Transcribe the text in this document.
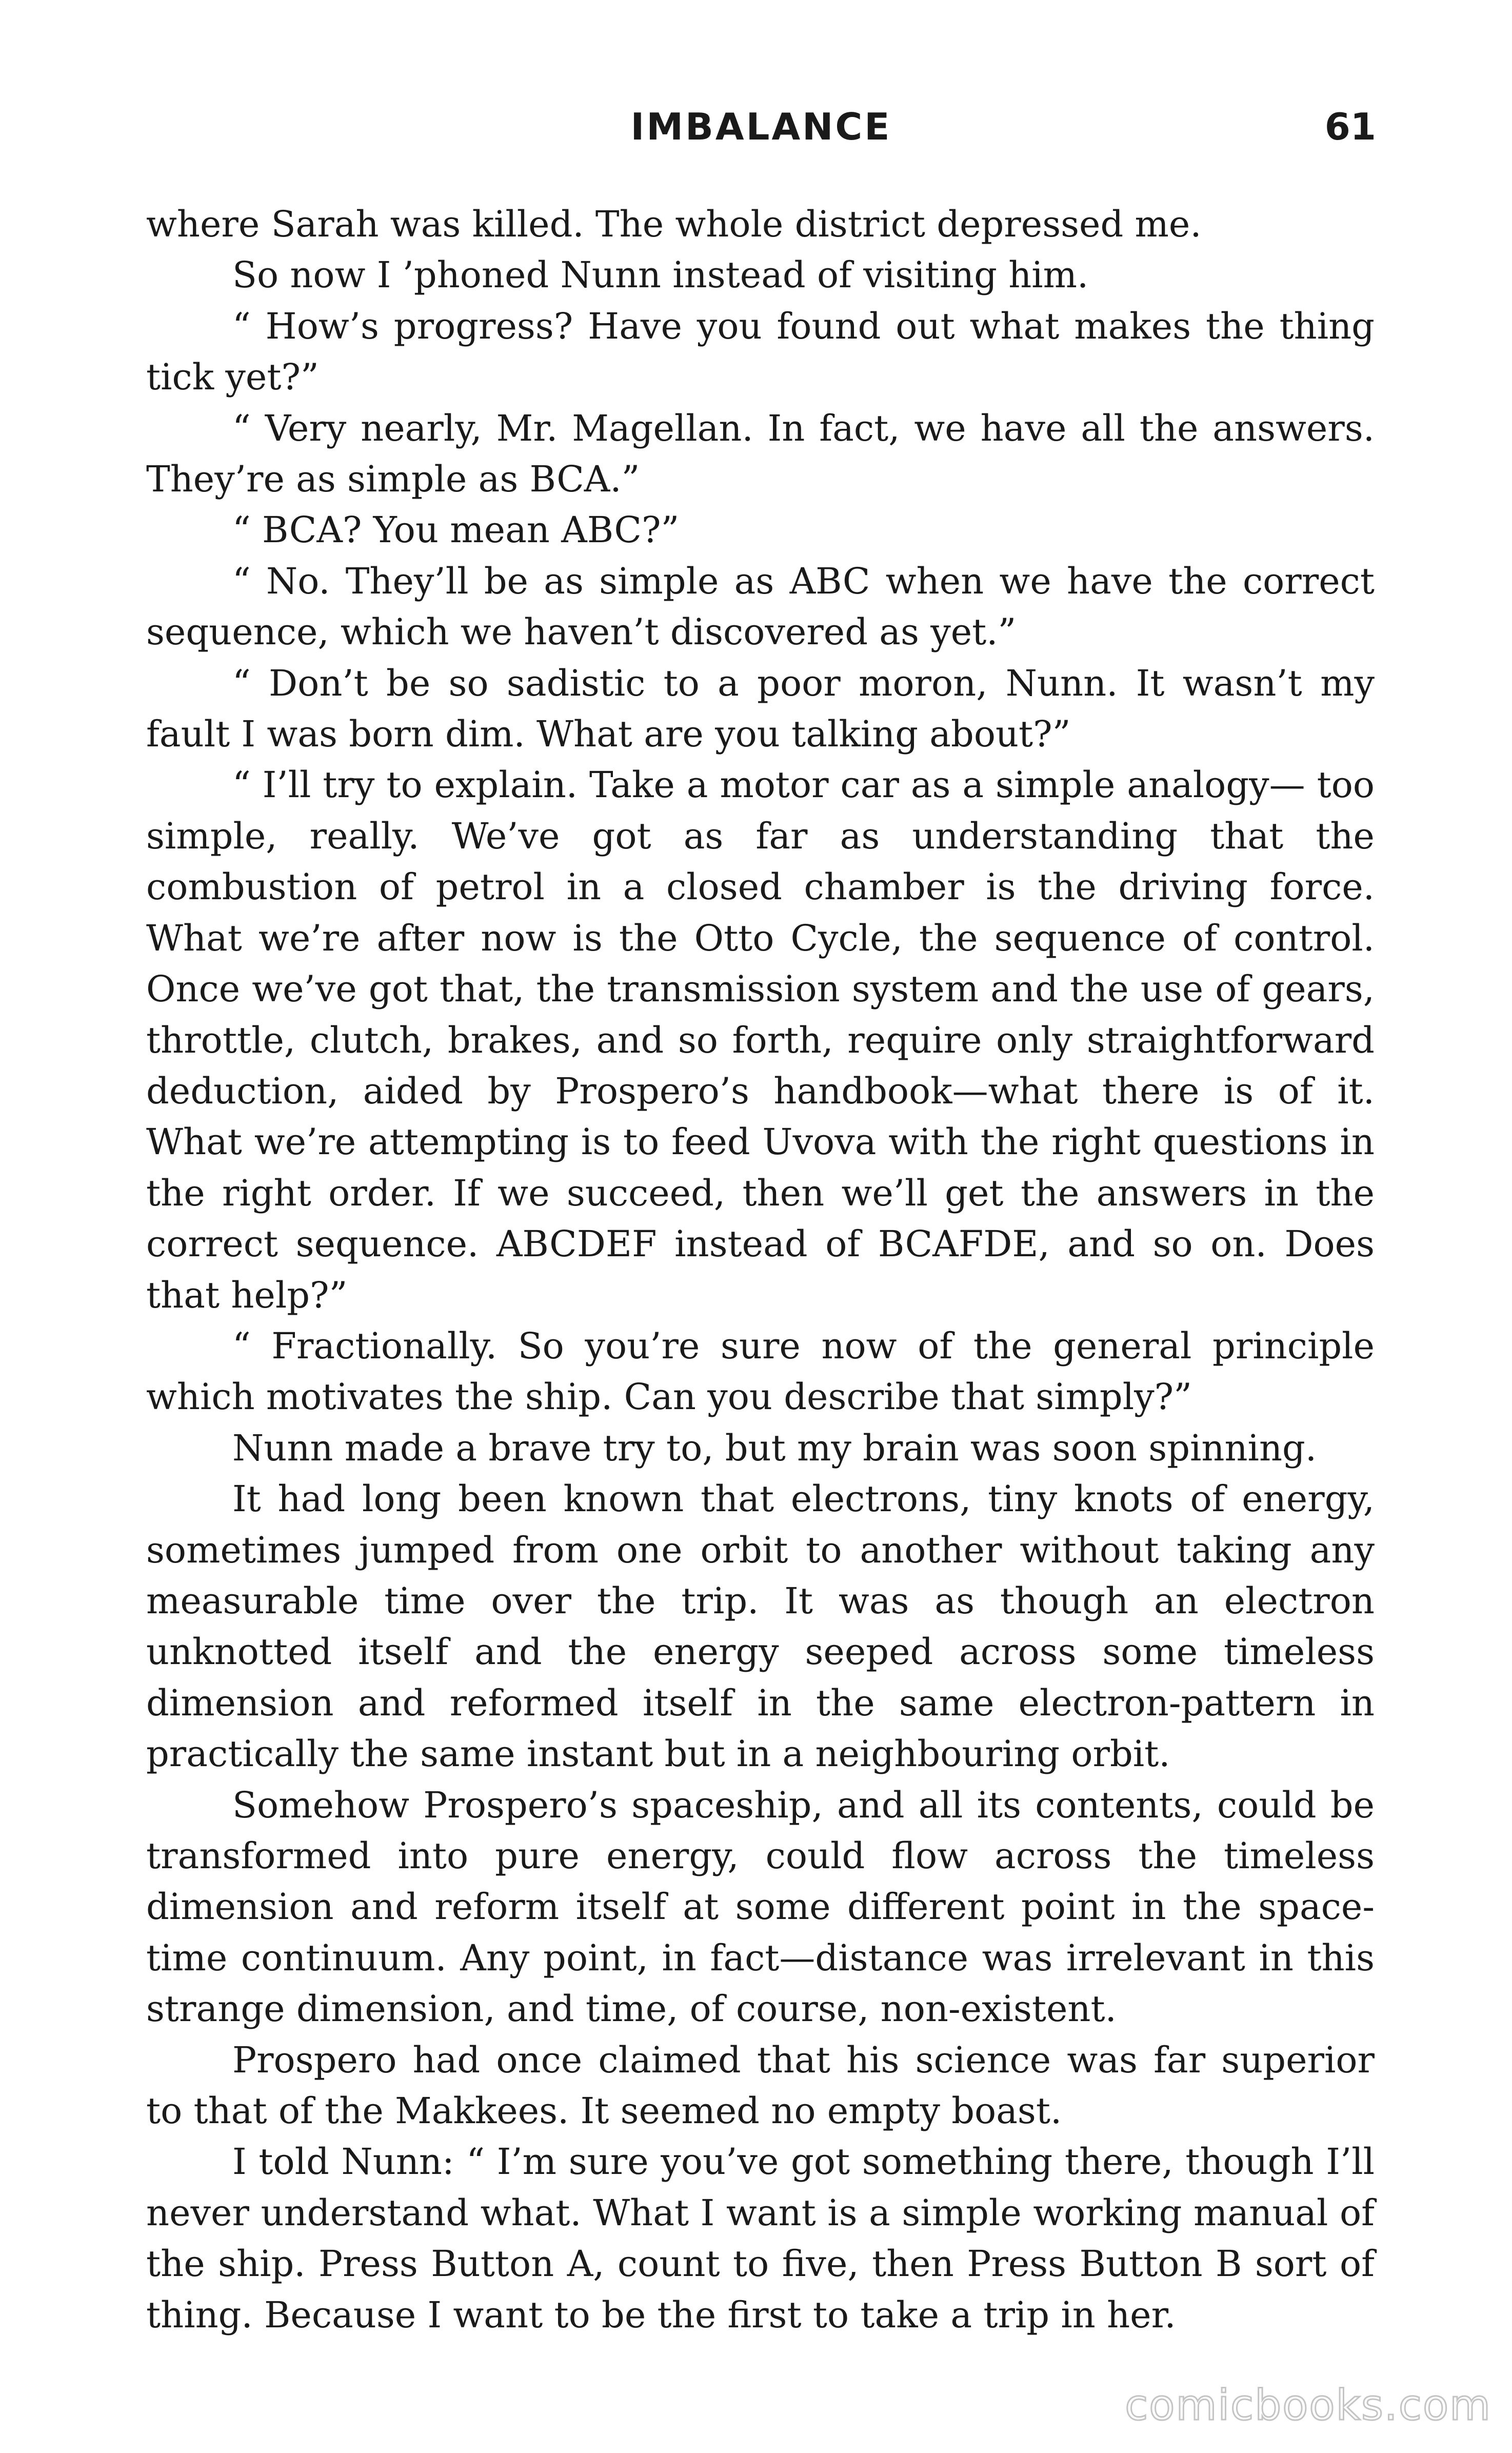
IMBALANCE	61

where Sarah was killed. The whole district depressed me.

So now I ’phoned Nunn instead of visiting him.

“ How’s progress? Have you found out what makes the thing tick yet?”

“ Very nearly, Mr. Magellan. In fact, we have all the answers. They’re as simple as BCA.”

“ BCA? You mean ABC?”

“ No. They’ll be as simple as ABC when we have the correct sequence, which we haven’t discovered as yet.”

“ Don’t be so sadistic to a poor moron, Nunn. It wasn’t my fault I was born dim. What are you talking about?”

“ I’ll try to explain. Take a motor car as a simple analogy— too simple, really. We’ve got as far as understanding that the combustion of petrol in a closed chamber is the driving force. What we’re after now is the Otto Cycle, the sequence of control. Once we’ve got that, the transmission system and the use of gears, throttle, clutch, brakes, and so forth, require only straightforward deduction, aided by Prospero’s handbook—what there is of it. What we’re attempting is to feed Uvova with the right questions in the right order. If we succeed, then we’ll get the answers in the correct sequence. ABCDEF instead of BCAFDE, and so on. Does that help?”

“ Fractionally. So you’re sure now of the general principle which motivates the ship. Can you describe that simply?”

Nunn made a brave try to, but my brain was soon spinning.

It had long been known that electrons, tiny knots of energy, sometimes jumped from one orbit to another without taking any measurable time over the trip. It was as though an electron unknotted itself and the energy seeped across some timeless dimension and reformed itself in the same electron-pattern in practically the same instant but in a neighbouring orbit.

Somehow Prospero’s spaceship, and all its contents, could be transformed into pure energy, could flow across the timeless dimension and reform itself at some different point in the space-time continuum. Any point, in fact—distance was irrelevant in this strange dimension, and time, of course, non-existent.

Prospero had once claimed that his science was far superior to that of the Makkees. It seemed no empty boast.

I told Nunn: “ I’m sure you’ve got something there, though I’ll never understand what. What I want is a simple working manual of the ship. Press Button A, count to five, then Press Button B sort of thing. Because I want to be the first to take a trip in her.

comicbooks.com
